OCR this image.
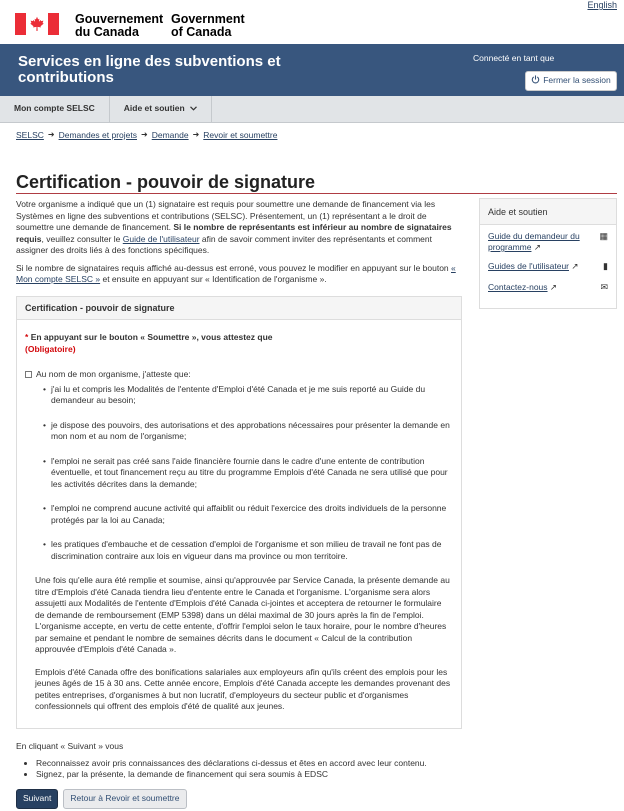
English
Gouvernement
du Canada
Government
of Canada
Services en ligne des subventions et contributions
Connecté en tant que
Fermer la session
Mon compte SELSC	Aide et soutien
SELSC ➜ Demandes et projets ➜ Demande ➜ Revoir et soumettre
Certification - pouvoir de signature

Votre organisme a indiqué que un (1) signataire est requis pour soumettre une demande de financement via les Systèmes en ligne des subventions et contributions (SELSC). Présentement, un (1) représentant a le droit de soumettre une demande de financement. Si le nombre de représentants est inférieur au nombre de signataires requis, veuillez consulter le Guide de l'utilisateur afin de savoir comment inviter des représentants et comment assigner des droits liés à des fonctions spécifiques.

Si le nombre de signataires requis affiché au-dessus est erroné, vous pouvez le modifier en appuyant sur le bouton « Mon compte SELSC » et ensuite en appuyant sur « Identification de l'organisme ».

Aide et soutien
Guide du demandeur du programme ↗
▦
Guides de l'utilisateur ↗	▮
Contactez-nous ↗	✉
Certification - pouvoir de signature
* En appuyant sur le bouton « Soumettre », vous attestez que
(Obligatoire)
Au nom de mon organisme, j'atteste que:
• j'ai lu et compris les Modalités de l'entente d'Emploi d'été Canada et je me suis reporté au Guide du demandeur au besoin;
• je dispose des pouvoirs, des autorisations et des approbations nécessaires pour présenter la demande en mon nom et au nom de l'organisme;
• l'emploi ne serait pas créé sans l'aide financière fournie dans le cadre d'une entente de contribution éventuelle, et tout financement reçu au titre du programme Emplois d'été Canada ne sera utilisé que pour les activités décrites dans la demande;
• l'emploi ne comprend aucune activité qui affaiblit ou réduit l'exercice des droits individuels de la personne protégés par la loi au Canada;
• les pratiques d'embauche et de cessation d'emploi de l'organisme et son milieu de travail ne font pas de discrimination contraire aux lois en vigueur dans ma province ou mon territoire.

Une fois qu'elle aura été remplie et soumise, ainsi qu'approuvée par Service Canada, la présente demande au titre d'Emplois d'été Canada tiendra lieu d'entente entre le Canada et l'organisme. L'organisme sera alors assujetti aux Modalités de l'entente d'Emplois d'été Canada ci-jointes et acceptera de retourner le formulaire de demande de remboursement (EMP 5398) dans un délai maximal de 30 jours après la fin de l'emploi. L'organisme accepte, en vertu de cette entente, d'offrir l'emploi selon le taux horaire, pour le nombre d'heures par semaine et pendant le nombre de semaines décrits dans le document « Calcul de la contribution approuvée d'Emplois d'été Canada ».

Emplois d'été Canada offre des bonifications salariales aux employeurs afin qu'ils créent des emplois pour les jeunes âgés de 15 à 30 ans. Cette année encore, Emplois d'été Canada accepte les demandes provenant des petites entreprises, d'organismes à but non lucratif, d'employeurs du secteur public et d'organismes confessionnels qui offrent des emplois d'été de qualité aux jeunes.

En cliquant « Suivant » vous
• Reconnaissez avoir pris connaissances des déclarations ci-dessus et êtes en accord avec leur contenu.
• Signez, par la présente, la demande de financement qui sera soumis à EDSC
Suivant	Retour à Revoir et soumettre
